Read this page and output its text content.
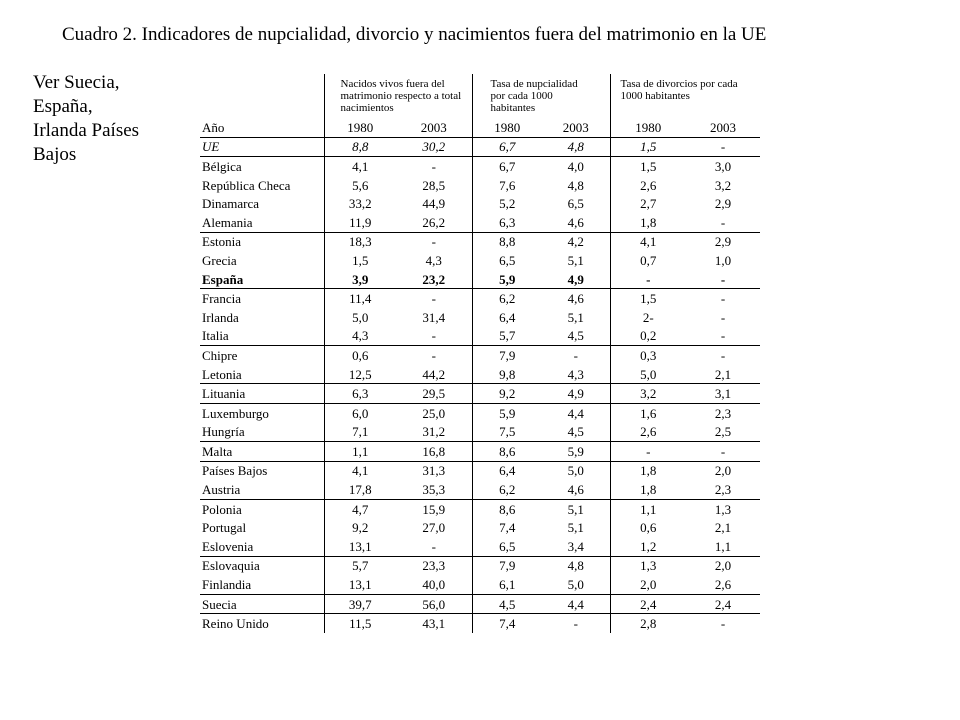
Cuadro 2. Indicadores de nupcialidad, divorcio y nacimientos fuera del matrimonio en la UE
Ver Suecia,
España,
Irlanda Países
Bajos
	Nacidos vivos fuera del matrimonio respecto a total nacimientos		Tasa de nupcialidad por cada 1000 habitantes		Tasa de divorcios por cada 1000 habitantes	
Año	1980	2003	1980	2003	1980	2003
UE	8,8	30,2	6,7	4,8	1,5	-
Bélgica	4,1	-	6,7	4,0	1,5	3,0
República Checa	5,6	28,5	7,6	4,8	2,6	3,2
Dinamarca	33,2	44,9	5,2	6,5	2,7	2,9
Alemania	11,9	26,2	6,3	4,6	1,8	-
Estonia	18,3	-	8,8	4,2	4,1	2,9
Grecia	1,5	4,3	6,5	5,1	0,7	1,0
España	3,9	23,2	5,9	4,9	-	-
Francia	11,4	-	6,2	4,6	1,5	-
Irlanda	5,0	31,4	6,4	5,1	2-	-
Italia	4,3	-	5,7	4,5	0,2	-
Chipre	0,6	-	7,9	-	0,3	-
Letonia	12,5	44,2	9,8	4,3	5,0	2,1
Lituania	6,3	29,5	9,2	4,9	3,2	3,1
Luxemburgo	6,0	25,0	5,9	4,4	1,6	2,3
Hungría	7,1	31,2	7,5	4,5	2,6	2,5
Malta	1,1	16,8	8,6	5,9	-	-
Países Bajos	4,1	31,3	6,4	5,0	1,8	2,0
Austria	17,8	35,3	6,2	4,6	1,8	2,3
Polonia	4,7	15,9	8,6	5,1	1,1	1,3
Portugal	9,2	27,0	7,4	5,1	0,6	2,1
Eslovenia	13,1	-	6,5	3,4	1,2	1,1
Eslovaquia	5,7	23,3	7,9	4,8	1,3	2,0
Finlandia	13,1	40,0	6,1	5,0	2,0	2,6
Suecia	39,7	56,0	4,5	4,4	2,4	2,4
Reino Unido	11,5	43,1	7,4	-	2,8	-
